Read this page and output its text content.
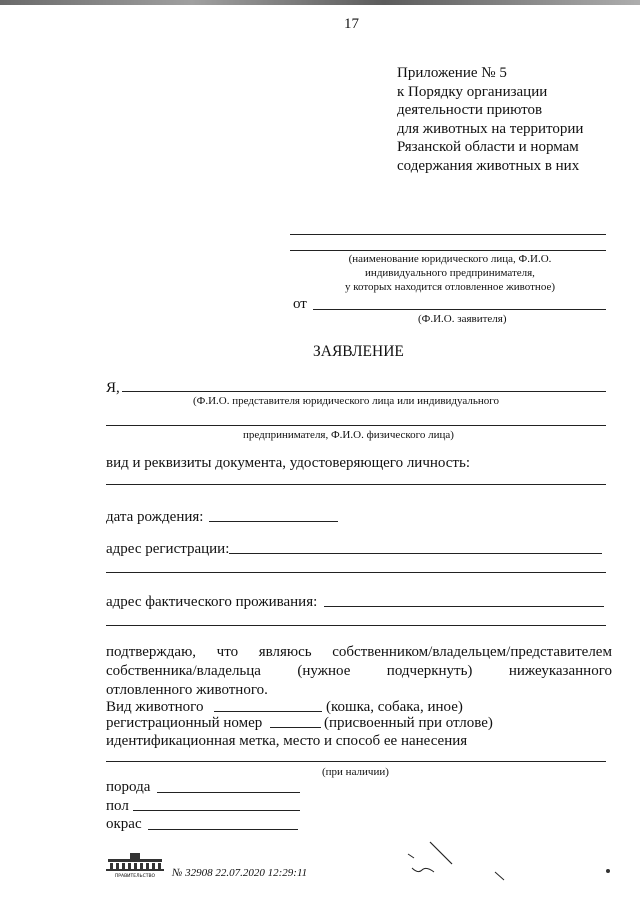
17
Приложение № 5
к Порядку организации
деятельности приютов
для животных на территории
Рязанской области и нормам
содержания животных в них
(наименование юридического лица, Ф.И.О.
индивидуального предпринимателя,
у которых находится отловленное животное)
от
(Ф.И.О. заявителя)
ЗАЯВЛЕНИЕ
Я,
(Ф.И.О. представителя юридического лица или индивидуального
предпринимателя, Ф.И.О. физического лица)
вид и реквизиты документа, удостоверяющего личность:
дата рождения:
адрес регистрации:
адрес фактического проживания:
подтверждаю, что являюсь собственником/владельцем/представителем
собственника/владельца (нужное подчеркнуть) нижеуказанного
отловленного животного.
Вид животного	(кошка, собака, иное)
регистрационный номер	(присвоенный при отлове)
идентификационная метка, место и способ ее нанесения
(при наличии)
порода
пол
окрас
ПРАВИТЕЛЬСТВО № 32908 22.07.2020 12:29:11
